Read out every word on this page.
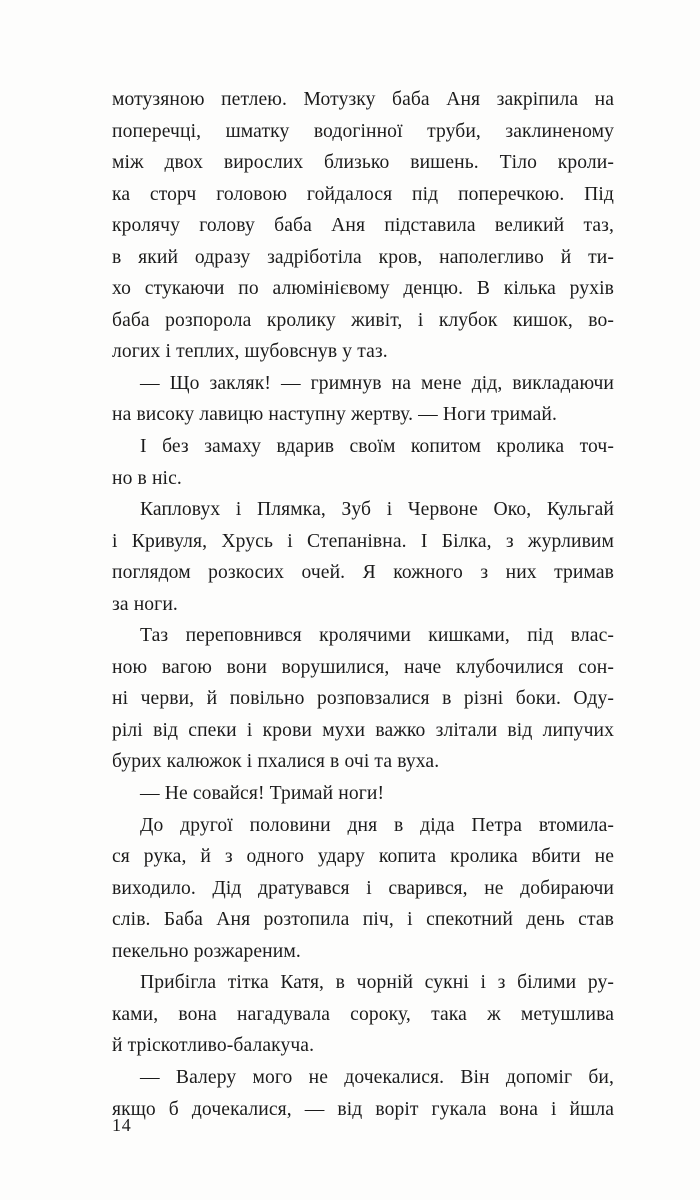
мотузяною петлею. Мотузку баба Аня закріпила на
поперечці, шматку водогінної труби, заклиненому
між двох вирослих близько вишень. Тіло кроли-
ка сторч головою гойдалося під поперечкою. Під
кролячу голову баба Аня підставила великий таз,
в який одразу задріботіла кров, наполегливо й ти-
хо стукаючи по алюмінієвому денцю. В кілька рухів
баба розпорола кролику живіт, і клубок кишок, во-
логих і теплих, шубовснув у таз.

— Що закляк! — гримнув на мене дід, викладаючи
на високу лавицю наступну жертву. — Ноги тримай.

І без замаху вдарив своїм копитом кролика точ-
но в ніс.

Капловух і Плямка, Зуб і Червоне Око, Кульгай
і Кривуля, Хрусь і Степанівна. І Білка, з журливим
поглядом розкосих очей. Я кожного з них тримав
за ноги.

Таз переповнився кролячими кишками, під влас-
ною вагою вони ворушилися, наче клубочилися сон-
ні черви, й повільно розповзалися в різні боки. Оду-
рілі від спеки і крови мухи важко злітали від липучих
бурих калюжок і пхалися в очі та вуха.

— Не совайся! Тримай ноги!

До другої половини дня в діда Петра втомила-
ся рука, й з одного удару копита кролика вбити не
виходило. Дід дратувався і сварився, не добираючи
слів. Баба Аня розтопила піч, і спекотний день став
пекельно розжареним.

Прибігла тітка Катя, в чорній сукні і з білими ру-
ками, вона нагадувала сороку, така ж метушлива
й тріскотливо-балакуча.

— Валеру мого не дочекалися. Він допоміг би,
якщо б дочекалися, — від воріт гукала вона і йшла

14
